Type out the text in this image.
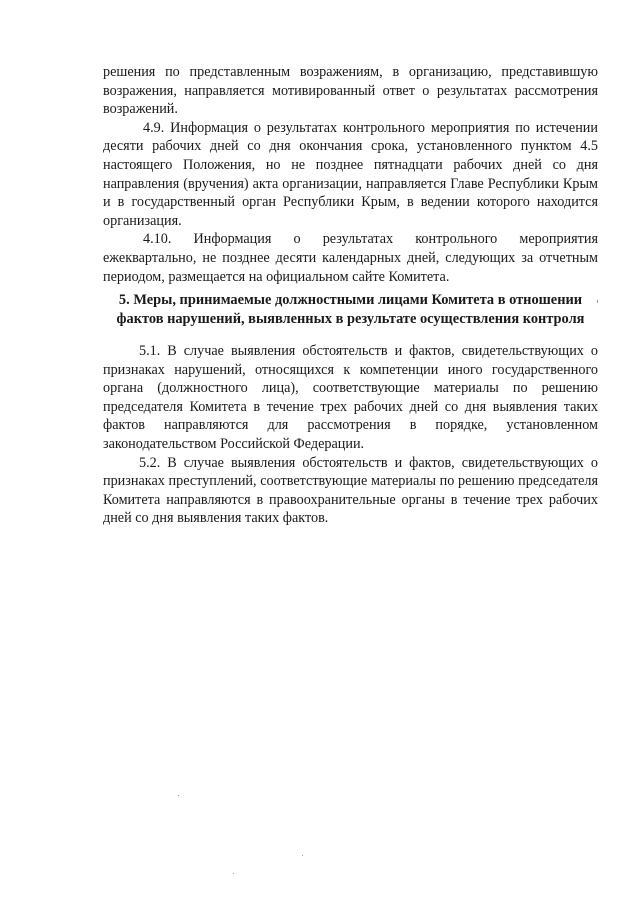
решения по представленным возражениям, в организацию, представившую возражения, направляется мотивированный ответ о результатах рассмотрения возражений.

4.9. Информация о результатах контрольного мероприятия по истечении десяти рабочих дней со дня окончания срока, установленного пунктом 4.5 настоящего Положения, но не позднее пятнадцати рабочих дней со дня направления (вручения) акта организации, направляется Главе Республики Крым и в государственный орган Республики Крым, в ведении которого находится организация.

4.10. Информация о результатах контрольного мероприятия ежеквартально, не позднее десяти календарных дней, следующих за отчетным периодом, размещается на официальном сайте Комитета.

5. Меры, принимаемые должностными лицами Комитета в отношении
фактов нарушений, выявленных в результате осуществления контроля

5.1. В случае выявления обстоятельств и фактов, свидетельствующих о признаках нарушений, относящихся к компетенции иного государственного органа (должностного лица), соответствующие материалы по решению председателя Комитета в течение трех рабочих дней со дня выявления таких фактов направляются для рассмотрения в порядке, установленном законодательством Российской Федерации.

5.2. В случае выявления обстоятельств и фактов, свидетельствующих о признаках преступлений, соответствующие материалы по решению председателя Комитета направляются в правоохранительные органы в течение трех рабочих дней со дня выявления таких фактов.
